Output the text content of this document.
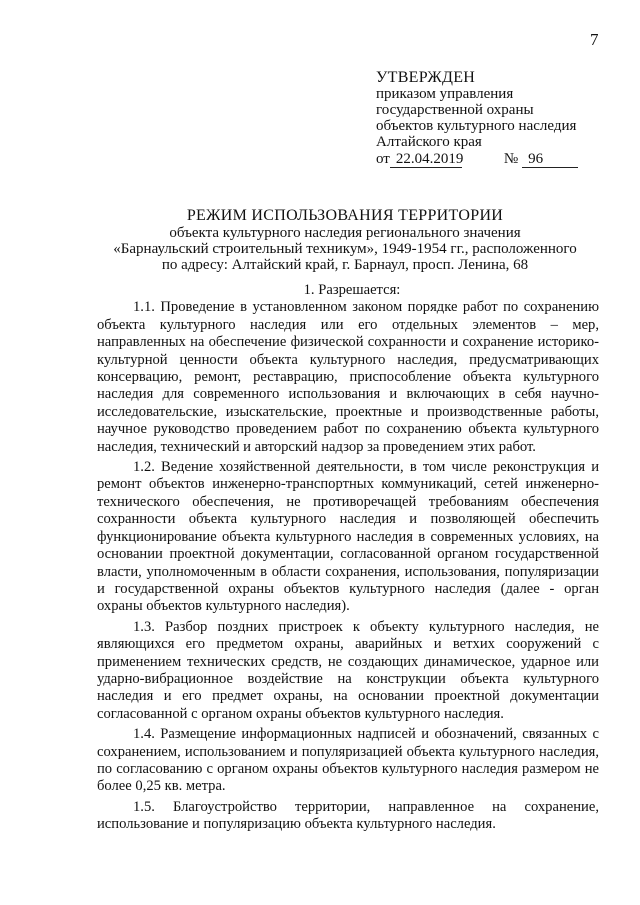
7
УТВЕРЖДЕН
приказом управления
государственной охраны
объектов культурного наследия
Алтайского края
от 22.04.2019	№ 96
РЕЖИМ ИСПОЛЬЗОВАНИЯ ТЕРРИТОРИИ
объекта культурного наследия регионального значения
«Барнаульский строительный техникум», 1949-1954 гг., расположенного
по адресу: Алтайский край, г. Барнаул, просп. Ленина, 68
1. Разрешается:

1.1. Проведение в установленном законом порядке работ по сохранению объекта культурного наследия или его отдельных элементов – мер, направленных на обеспечение физической сохранности и сохранение историко-культурной ценности объекта культурного наследия, предусматривающих консервацию, ремонт, реставрацию, приспособление объекта культурного наследия для современного использования и включающих в себя научно-исследовательские, изыскательские, проектные и производственные работы, научное руководство проведением работ по сохранению объекта культурного наследия, технический и авторский надзор за проведением этих работ.

1.2. Ведение хозяйственной деятельности, в том числе реконструкция и ремонт объектов инженерно-транспортных коммуникаций, сетей инженерно-технического обеспечения, не противоречащей требованиям обеспечения сохранности объекта культурного наследия и позволяющей обеспечить функционирование объекта культурного наследия в современных условиях, на основании проектной документации, согласованной органом государственной власти, уполномоченным в области сохранения, использования, популяризации и государственной охраны объектов культурного наследия (далее - орган охраны объектов культурного наследия).

1.3. Разбор поздних пристроек к объекту культурного наследия, не являющихся его предметом охраны, аварийных и ветхих сооружений с применением технических средств, не создающих динамическое, ударное или ударно-вибрационное воздействие на конструкции объекта культурного наследия и его предмет охраны, на основании проектной документации согласованной с органом охраны объектов культурного наследия.

1.4. Размещение информационных надписей и обозначений, связанных с сохранением, использованием и популяризацией объекта культурного наследия, по согласованию с органом охраны объектов культурного наследия размером не более 0,25 кв. метра.

1.5. Благоустройство территории, направленное на сохранение, использование и популяризацию объекта культурного наследия.
